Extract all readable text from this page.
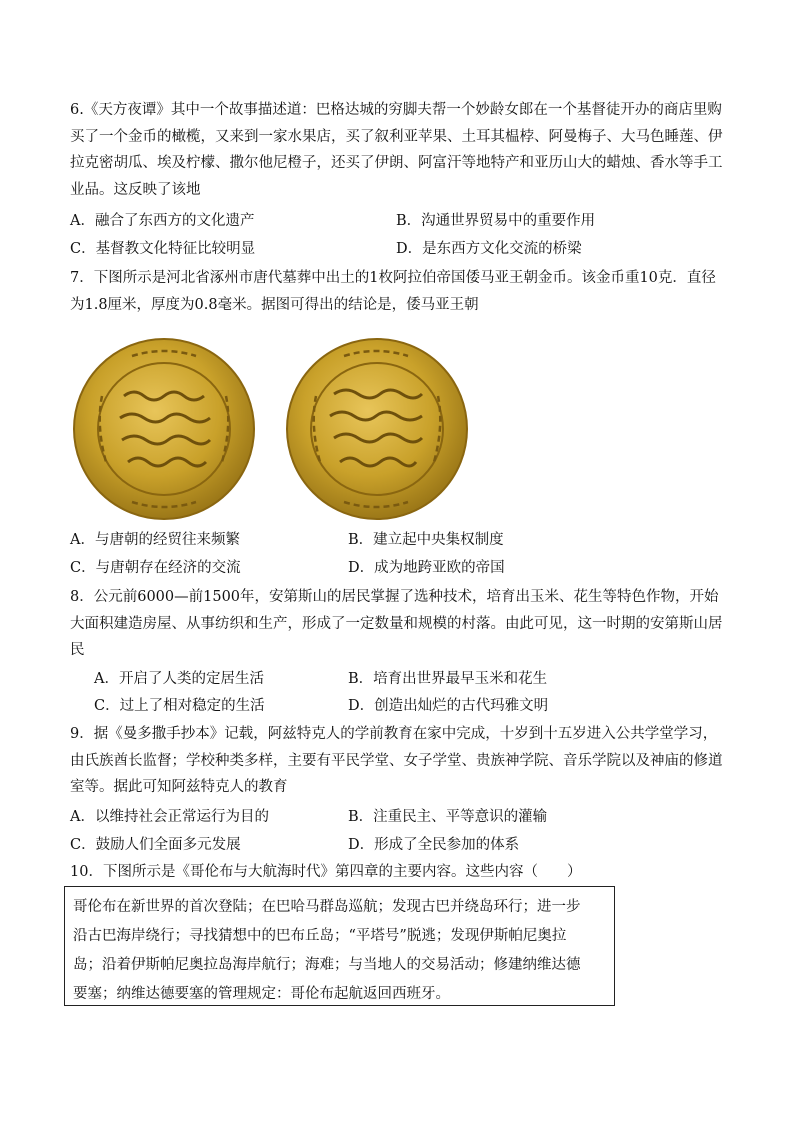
6.《天方夜谭》其中一个故事描述道：巴格达城的穷脚夫帮一个妙龄女郎在一个基督徒开办的商店里购买了一个金币的橄榄，又来到一家水果店，买了叙利亚苹果、土耳其榅桲、阿曼梅子、大马色睡莲、伊拉克密胡瓜、埃及柠檬、撒尔他尼橙子，还买了伊朗、阿富汗等地特产和亚历山大的蜡烛、香水等手工业品。这反映了该地

A．融合了东西方的文化遗产	B．沟通世界贸易中的重要作用
C．基督教文化特征比较明显	D．是东西方文化交流的桥梁

7．下图所示是河北省涿州市唐代墓葬中出土的1枚阿拉伯帝国倭马亚王朝金币。该金币重10克．直径为1.8厘米，厚度为0.8毫米。据图可得出的结论是，倭马亚王朝

A．与唐朝的经贸往来频繁	B．建立起中央集权制度
C．与唐朝存在经济的交流	D．成为地跨亚欧的帝国

8．公元前6000—前1500年，安第斯山的居民掌握了选种技术，培育出玉米、花生等特色作物，开始大面积建造房屋、从事纺织和生产，形成了一定数量和规模的村落。由此可见，这一时期的安第斯山居民

A．开启了人类的定居生活	B．培育出世界最早玉米和花生
C．过上了相对稳定的生活	D．创造出灿烂的古代玛雅文明

9．据《曼多撒手抄本》记载，阿兹特克人的学前教育在家中完成，十岁到十五岁进入公共学堂学习，由氏族酋长监督；学校种类多样，主要有平民学堂、女子学堂、贵族神学院、音乐学院以及神庙的修道室等。据此可知阿兹特克人的教育

A．以维持社会正常运行为目的	B．注重民主、平等意识的灌输
C．鼓励人们全面多元发展	D．形成了全民参加的体系
10．下图所示是《哥伦布与大航海时代》第四章的主要内容。这些内容（　　）
哥伦布在新世界的首次登陆；在巴哈马群岛巡航；发现古巴并绕岛环行；进一步
沿古巴海岸绕行；寻找猜想中的巴布丘岛；“平塔号”脱逃；发现伊斯帕尼奥拉
岛；沿着伊斯帕尼奥拉岛海岸航行；海难；与当地人的交易活动；修建纳维达德
要塞；纳维达德要塞的管理规定：哥伦布起航返回西班牙。
